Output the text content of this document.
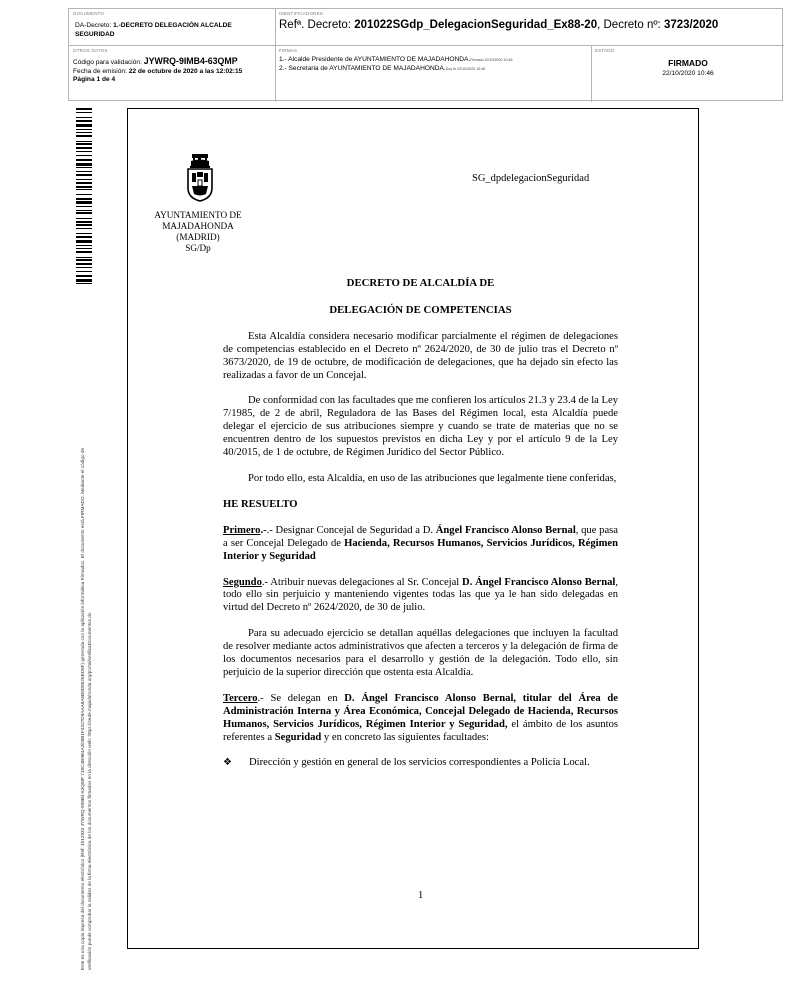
DOCUMENTO
DA-Decreto: 1.-DECRETO DELEGACIÓN ALCALDE SEGURIDAD
IDENTIFICADORES
Refª. Decreto: 201022SGdp_DelegacionSeguridad_Ex88-20, Decreto nº: 3723/2020
OTROS DATOS
Código para validación: JYWRQ-9IMB4-63QMP
Fecha de emisión: 22 de octubre de 2020 a las 12:02:15
Página 1 de 4
FIRMAS
1.- Alcalde Presidente de AYUNTAMIENTO DE MAJADAHONDA.Firmado 22/10/2020 10:46
2.- Secretaria de AYUNTAMIENTO DE MAJADAHONDA.Doy fe 22/10/2020 10:46
ESTADO
FIRMADO
22/10/2020 10:46
Este es una copia impresa del documento electrónico (Ref: 1512933 JYWRQ-9IMB4-63QMP 718C4B9B4A2D8B1F4327D9AAA8A5B9D8526ED6F) generada con la aplicación informática Firmadoc. El documento está FIRMADO. Mediante el código de verificación puede comprobar la validez de la firma electrónica de los documentos firmados en la dirección web: https://sede.majadahonda.org/portal/verificaDocumentos.do
AYUNTAMIENTO DE
MAJADAHONDA
(MADRID)
SG/Dp
SG_dpdelegacionSeguridad
DECRETO DE ALCALDÍA DE
DELEGACIÓN DE COMPETENCIAS

Esta Alcaldía considera necesario modificar parcialmente el régimen de delegaciones de competencias establecido en el Decreto nº 2624/2020, de 30 de julio tras el Decreto nº 3673/2020, de 19 de octubre, de modificación de delegaciones, que ha dejado sin efecto las realizadas a favor de un Concejal.

De conformidad con las facultades que me confieren los artículos 21.3 y 23.4 de la Ley 7/1985, de 2 de abril, Reguladora de las Bases del Régimen local, esta Alcaldía puede delegar el ejercicio de sus atribuciones siempre y cuando se trate de materias que no se encuentren dentro de los supuestos previstos en dicha Ley y por el artículo 9 de la Ley 40/2015, de 1 de octubre, de Régimen Jurídico del Sector Público.

Por todo ello, esta Alcaldía, en uso de las atribuciones que legalmente tiene conferidas,

HE RESUELTO

Primero.-.- Designar Concejal de Seguridad a D. Ángel Francisco Alonso Bernal, que pasa a ser Concejal Delegado de Hacienda, Recursos Humanos, Servicios Jurídicos, Régimen Interior y Seguridad

Segundo.- Atribuir nuevas delegaciones al Sr. Concejal D. Ángel Francisco Alonso Bernal, todo ello sin perjuicio y manteniendo vigentes todas las que ya le han sido delegadas en virtud del Decreto nº 2624/2020, de 30 de julio.

Para su adecuado ejercicio se detallan aquéllas delegaciones que incluyen la facultad de resolver mediante actos administrativos que afecten a terceros y la delegación de firma de los documentos necesarios para el desarrollo y gestión de la delegación. Todo ello, sin perjuicio de la superior dirección que ostenta esta Alcaldía.

Tercero.- Se delegan en D. Ángel Francisco Alonso Bernal, titular del Área de Administración Interna y Área Económica, Concejal Delegado de Hacienda, Recursos Humanos, Servicios Jurídicos, Régimen Interior y Seguridad, el ámbito de los asuntos referentes a Seguridad y en concreto las siguientes facultades:

❖	Dirección y gestión en general de los servicios correspondientes a Policía Local.
1
